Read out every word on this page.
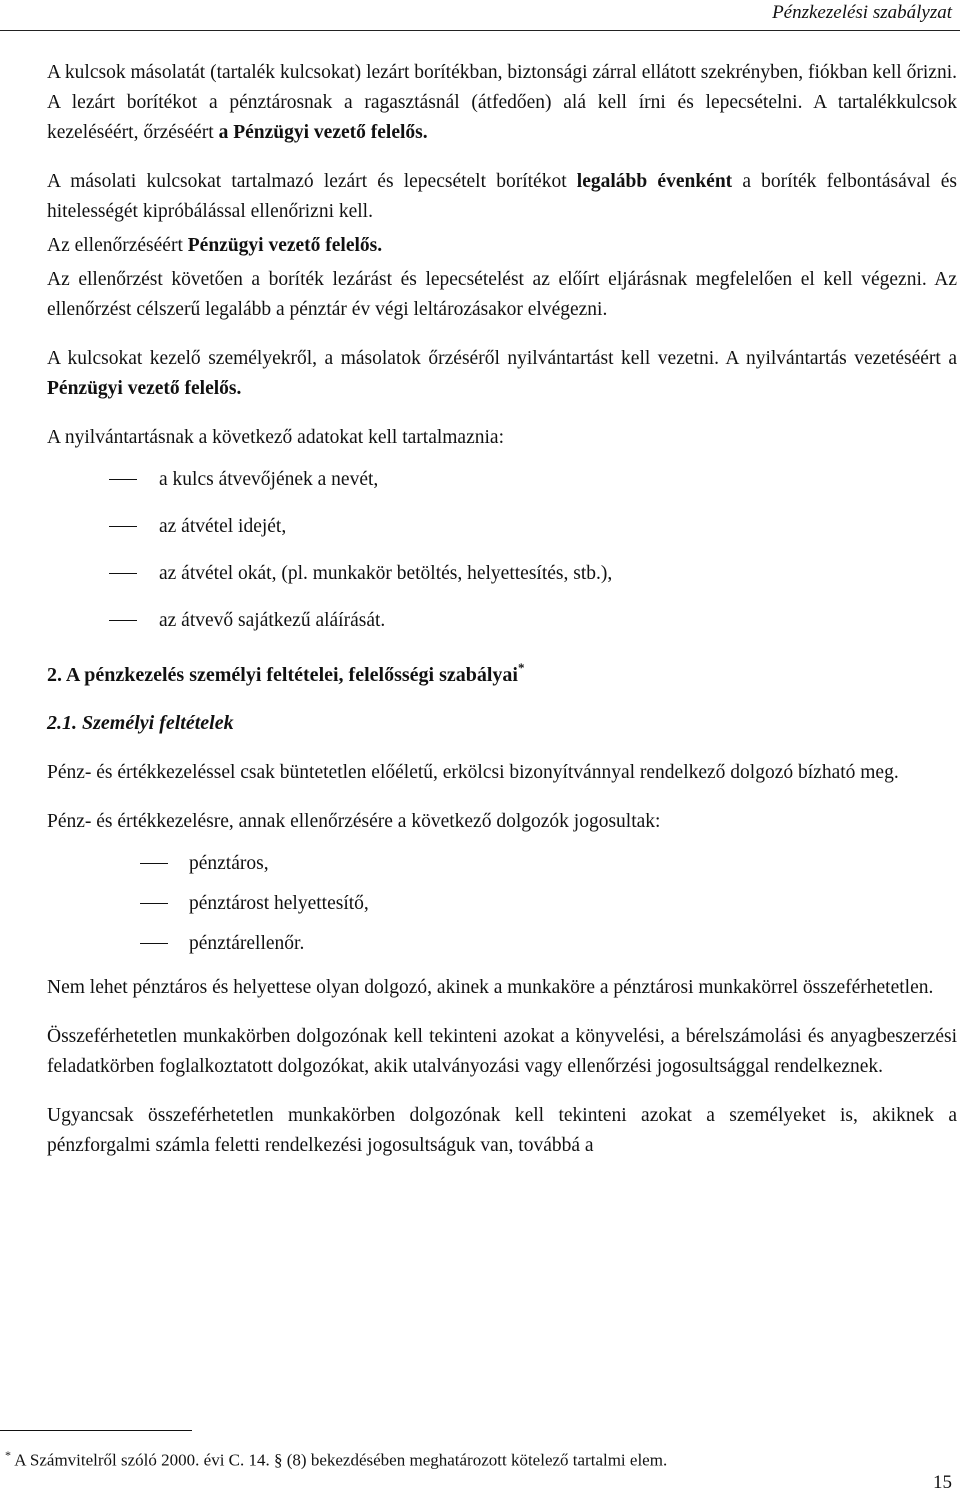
Pénzkezelési szabályzat

A kulcsok másolatát (tartalék kulcsokat) lezárt borítékban, biztonsági zárral ellátott szekrényben, fiókban kell őrizni. A lezárt borítékot a pénztárosnak a ragasztásnál (átfedően) alá kell írni és lepecsételni. A tartalékkulcsok kezeléséért, őrzéséért a Pénzügyi vezető felelős.

A másolati kulcsokat tartalmazó lezárt és lepecsételt borítékot legalább évenként a boríték felbontásával és hitelességét kipróbálással ellenőrizni kell.

Az ellenőrzéséért Pénzügyi vezető felelős.

Az ellenőrzést követően a boríték lezárást és lepecsételést az előírt eljárásnak megfelelően el kell végezni. Az ellenőrzést célszerű legalább a pénztár év végi leltározásakor elvégezni.

A kulcsokat kezelő személyekről, a másolatok őrzéséről nyilvántartást kell vezetni. A nyilvántartás vezetéséért a Pénzügyi vezető felelős.

A nyilvántartásnak a következő adatokat kell tartalmaznia:

a kulcs átvevőjének a nevét,
az átvétel idejét,
az átvétel okát, (pl. munkakör betöltés, helyettesítés, stb.),
az átvevő sajátkezű aláírását.
2. A pénzkezelés személyi feltételei, felelősségi szabályai*
2.1. Személyi feltételek

Pénz- és értékkezeléssel csak büntetetlen előéletű, erkölcsi bizonyítvánnyal rendelkező dolgozó bízható meg.

Pénz- és értékkezelésre, annak ellenőrzésére a következő dolgozók jogosultak:

pénztáros,
pénztárost helyettesítő,
pénztárellenőr.

Nem lehet pénztáros és helyettese olyan dolgozó, akinek a munkaköre a pénztárosi munkakörrel összeférhetetlen.

Összeférhetetlen munkakörben dolgozónak kell tekinteni azokat a könyvelési, a bérelszámolási és anyagbeszerzési feladatkörben foglalkoztatott dolgozókat, akik utalványozási vagy ellenőrzési jogosultsággal rendelkeznek.

Ugyancsak összeférhetetlen munkakörben dolgozónak kell tekinteni azokat a személyeket is, akiknek a pénzforgalmi számla feletti rendelkezési jogosultságuk van, továbbá a

* A Számvitelről szóló 2000. évi C. 14. § (8) bekezdésében meghatározott kötelező tartalmi elem.
15
